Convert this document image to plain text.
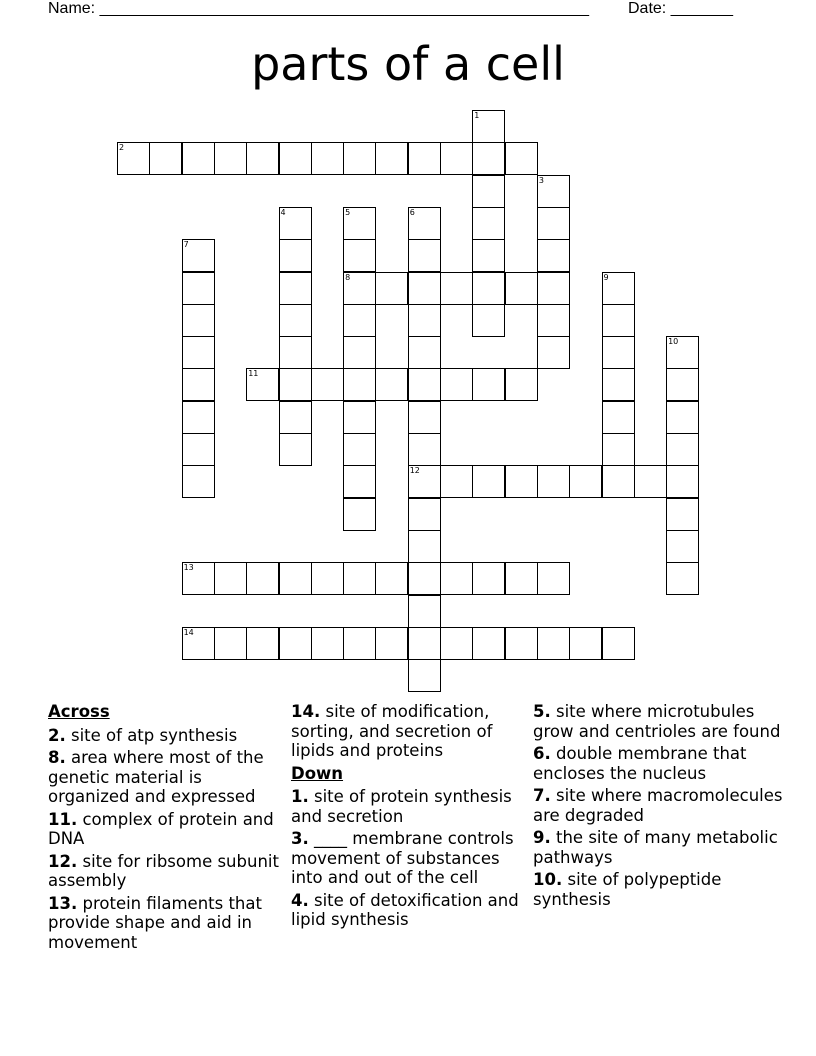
Name: _______________________________________________________ Date: _______
parts of a cell
1
2
3
4	5
8
6
12
7
9
10
11
13
14
Across
2. site of atp synthesis
8. area where most of the genetic material is organized and expressed
11. complex of protein and DNA
12. site for ribsome subunit assembly
13. protein filaments that provide shape and aid in movement
14. site of modification, sorting, and secretion of lipids and proteins
Down
1. site of protein synthesis and secretion
3. ____ membrane controls movement of substances into and out of the cell
4. site of detoxification and lipid synthesis
5. site where microtubules grow and centrioles are found
6. double membrane that encloses the nucleus
7. site where macromolecules are degraded
9. the site of many metabolic pathways
10. site of polypeptide synthesis
